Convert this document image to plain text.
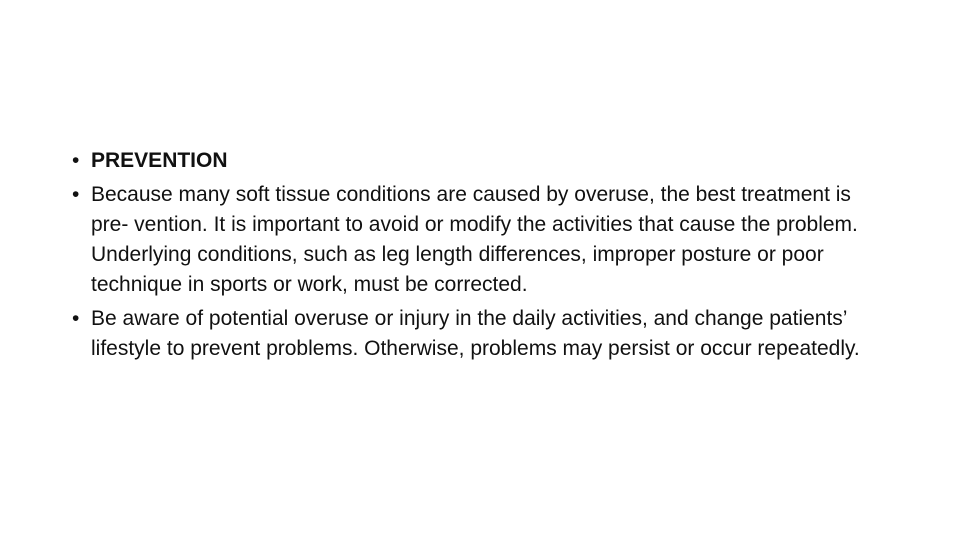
• PREVENTION
• Because many soft tissue conditions are caused by overuse, the best treatment is pre- vention. It is important to avoid or modify the activities that cause the problem. Underlying conditions, such as leg length differences, improper posture or poor technique in sports or work, must be corrected.
• Be aware of potential overuse or injury in the daily activities, and change patients’ lifestyle to prevent problems. Otherwise, problems may persist or occur repeatedly.
